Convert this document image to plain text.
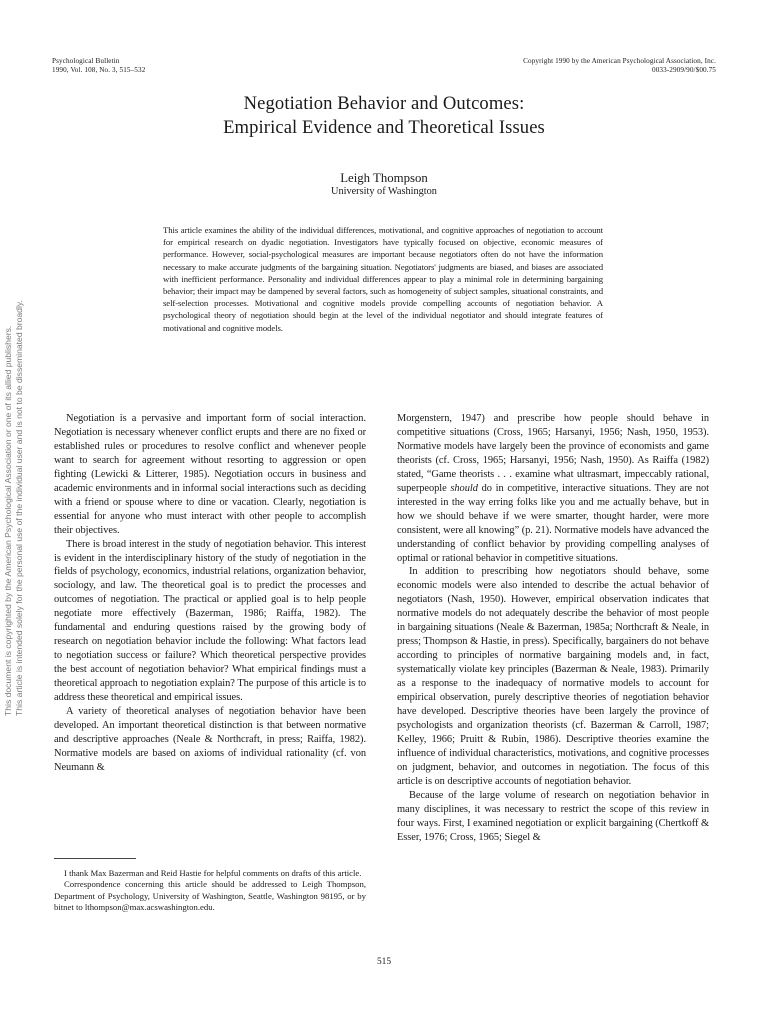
This document is copyrighted by the American Psychological Association or one of its allied publishers. This article is intended solely for the personal use of the individual user and is not to be disseminated broadly.
Psychological Bulletin
1990, Vol. 108, No. 3, 515–532
Copyright 1990 by the American Psychological Association, Inc.
0033-2909/90/$00.75
Negotiation Behavior and Outcomes:
Empirical Evidence and Theoretical Issues
Leigh Thompson
University of Washington

This article examines the ability of the individual differences, motivational, and cognitive approaches of negotiation to account for empirical research on dyadic negotiation. Investigators have typically focused on objective, economic measures of performance. However, social-psychological measures are important because negotiators often do not have the information necessary to make accurate judgments of the bargaining situation. Negotiators' judgments are biased, and biases are associated with inefficient performance. Personality and individual differences appear to play a minimal role in determining bargaining behavior; their impact may be dampened by several factors, such as homogeneity of subject samples, situational constraints, and self-selection processes. Motivational and cognitive models provide compelling accounts of negotiation behavior. A psychological theory of negotiation should begin at the level of the individual negotiator and should integrate features of motivational and cognitive models.

Negotiation is a pervasive and important form of social interaction. Negotiation is necessary whenever conflict erupts and there are no fixed or established rules or procedures to resolve conflict and whenever people want to search for agreement without resorting to aggression or open fighting (Lewicki & Litterer, 1985). Negotiation occurs in business and academic environments and in informal social interactions such as deciding with a friend or spouse where to dine or vacation. Clearly, negotiation is essential for anyone who must interact with other people to accomplish their objectives.

There is broad interest in the study of negotiation behavior. This interest is evident in the interdisciplinary history of the study of negotiation in the fields of psychology, economics, industrial relations, organization behavior, sociology, and law. The theoretical goal is to predict the processes and outcomes of negotiation. The practical or applied goal is to help people negotiate more effectively (Bazerman, 1986; Raiffa, 1982). The fundamental and enduring questions raised by the growing body of research on negotiation behavior include the following: What factors lead to negotiation success or failure? Which theoretical perspective provides the best account of negotiation behavior? What empirical findings must a theoretical approach to negotiation explain? The purpose of this article is to address these theoretical and empirical issues.

A variety of theoretical analyses of negotiation behavior have been developed. An important theoretical distinction is that between normative and descriptive approaches (Neale & Northcraft, in press; Raiffa, 1982). Normative models are based on axioms of individual rationality (cf. von Neumann &

Morgenstern, 1947) and prescribe how people should behave in competitive situations (Cross, 1965; Harsanyi, 1956; Nash, 1950, 1953). Normative models have largely been the province of economists and game theorists (cf. Cross, 1965; Harsanyi, 1956; Nash, 1950). As Raiffa (1982) stated, “Game theorists . . . examine what ultrasmart, impeccably rational, superpeople should do in competitive, interactive situations. They are not interested in the way erring folks like you and me actually behave, but in how we should behave if we were smarter, thought harder, were more consistent, were all knowing” (p. 21). Normative models have advanced the understanding of conflict behavior by providing compelling analyses of optimal or rational behavior in competitive situations.

In addition to prescribing how negotiators should behave, some economic models were also intended to describe the actual behavior of negotiators (Nash, 1950). However, empirical observation indicates that normative models do not adequately describe the behavior of most people in bargaining situations (Neale & Bazerman, 1985a; Northcraft & Neale, in press; Thompson & Hastie, in press). Specifically, bargainers do not behave according to principles of normative bargaining models and, in fact, systematically violate key principles (Bazerman & Neale, 1983). Primarily as a response to the inadequacy of normative models to account for empirical observation, purely descriptive theories of negotiation behavior have developed. Descriptive theories have been largely the province of psychologists and organization theorists (cf. Bazerman & Carroll, 1987; Kelley, 1966; Pruitt & Rubin, 1986). Descriptive theories examine the influence of individual characteristics, motivations, and cognitive processes on judgment, behavior, and outcomes in negotiation. The focus of this article is on descriptive accounts of negotiation behavior.

Because of the large volume of research on negotiation behavior in many disciplines, it was necessary to restrict the scope of this review in four ways. First, I examined negotiation or explicit bargaining (Chertkoff & Esser, 1976; Cross, 1965; Siegel &

I thank Max Bazerman and Reid Hastie for helpful comments on drafts of this article.

Correspondence concerning this article should be addressed to Leigh Thompson, Department of Psychology, University of Washington, Seattle, Washington 98195, or by bitnet to lthompson@max.acswashington.edu.

515
